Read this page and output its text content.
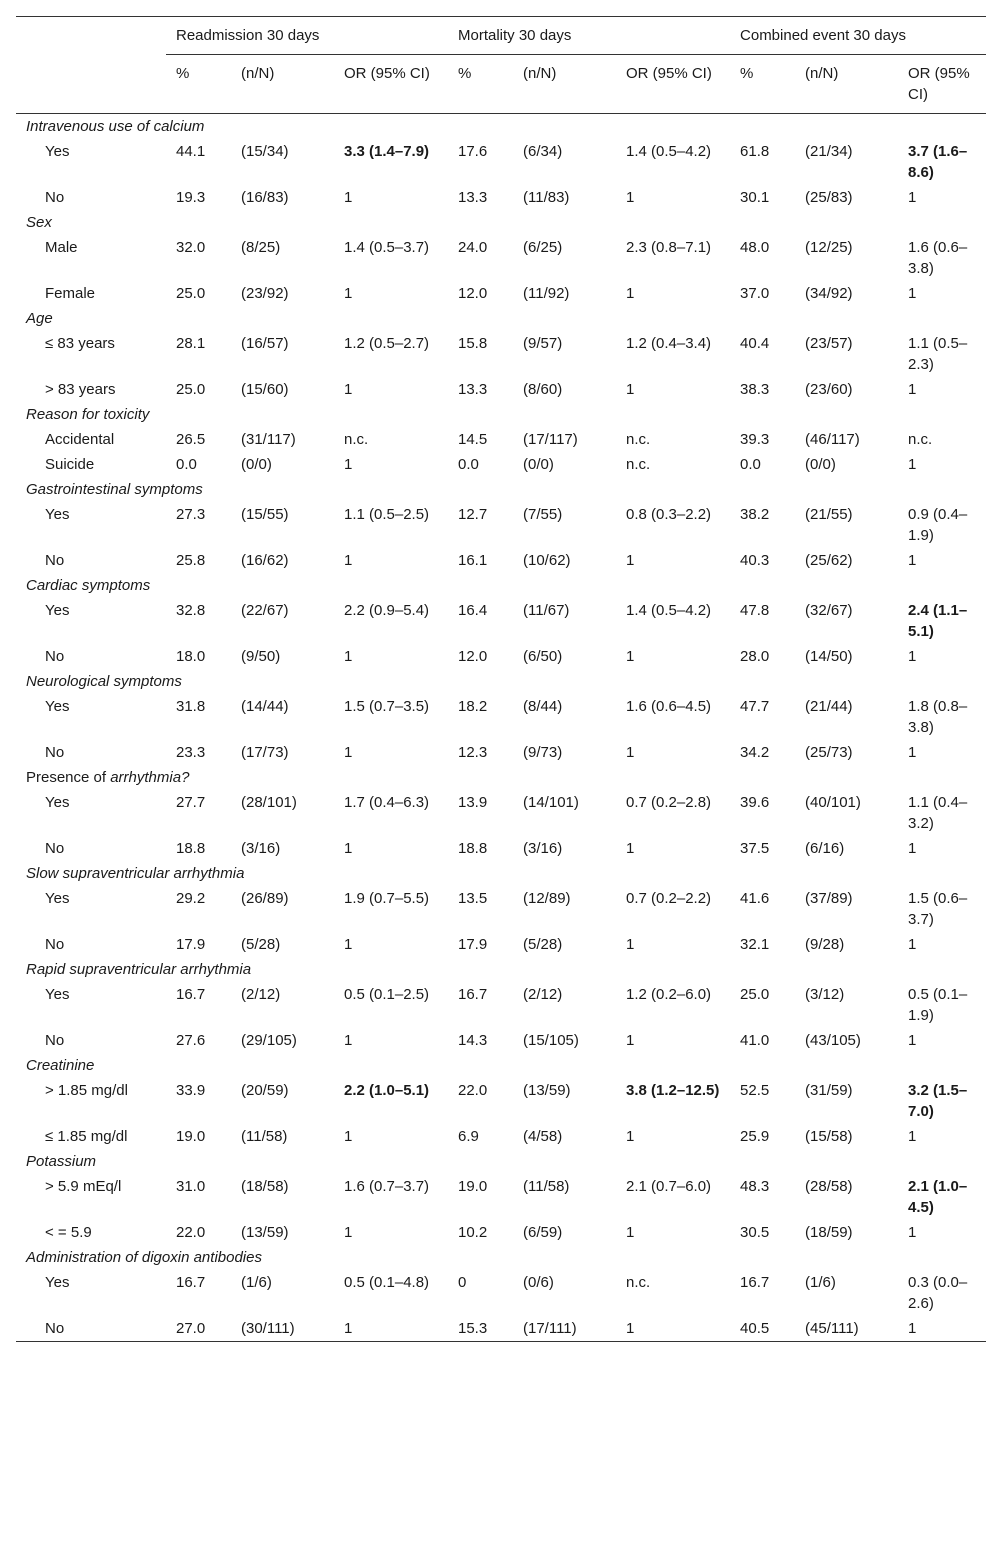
	Readmission 30 days			Mortality 30 days			Combined event 30 days		
	%	(n/N)	OR (95% CI)	%	(n/N)	OR (95% CI)	%	(n/N)	OR (95% CI)
Intravenous use of calcium									
Yes	44.1	(15/34)	3.3 (1.4–7.9)	17.6	(6/34)	1.4 (0.5–4.2)	61.8	(21/34)	3.7 (1.6–8.6)
No	19.3	(16/83)	1	13.3	(11/83)	1	30.1	(25/83)	1
Sex									
Male	32.0	(8/25)	1.4 (0.5–3.7)	24.0	(6/25)	2.3 (0.8–7.1)	48.0	(12/25)	1.6 (0.6–3.8)
Female	25.0	(23/92)	1	12.0	(11/92)	1	37.0	(34/92)	1
Age									
≤ 83 years	28.1	(16/57)	1.2 (0.5–2.7)	15.8	(9/57)	1.2 (0.4–3.4)	40.4	(23/57)	1.1 (0.5–2.3)
> 83 years	25.0	(15/60)	1	13.3	(8/60)	1	38.3	(23/60)	1
Reason for toxicity									
Accidental	26.5	(31/117)	n.c.	14.5	(17/117)	n.c.	39.3	(46/117)	n.c.
Suicide	0.0	(0/0)	1	0.0	(0/0)	n.c.	0.0	(0/0)	1
Gastrointestinal symptoms									
Yes	27.3	(15/55)	1.1 (0.5–2.5)	12.7	(7/55)	0.8 (0.3–2.2)	38.2	(21/55)	0.9 (0.4–1.9)
No	25.8	(16/62)	1	16.1	(10/62)	1	40.3	(25/62)	1
Cardiac symptoms									
Yes	32.8	(22/67)	2.2 (0.9–5.4)	16.4	(11/67)	1.4 (0.5–4.2)	47.8	(32/67)	2.4 (1.1–5.1)
No	18.0	(9/50)	1	12.0	(6/50)	1	28.0	(14/50)	1
Neurological symptoms									
Yes	31.8	(14/44)	1.5 (0.7–3.5)	18.2	(8/44)	1.6 (0.6–4.5)	47.7	(21/44)	1.8 (0.8–3.8)
No	23.3	(17/73)	1	12.3	(9/73)	1	34.2	(25/73)	1
Presence of arrhythmia?									
Yes	27.7	(28/101)	1.7 (0.4–6.3)	13.9	(14/101)	0.7 (0.2–2.8)	39.6	(40/101)	1.1 (0.4–3.2)
No	18.8	(3/16)	1	18.8	(3/16)	1	37.5	(6/16)	1
Slow supraventricular arrhythmia									
Yes	29.2	(26/89)	1.9 (0.7–5.5)	13.5	(12/89)	0.7 (0.2–2.2)	41.6	(37/89)	1.5 (0.6–3.7)
No	17.9	(5/28)	1	17.9	(5/28)	1	32.1	(9/28)	1
Rapid supraventricular arrhythmia									
Yes	16.7	(2/12)	0.5 (0.1–2.5)	16.7	(2/12)	1.2 (0.2–6.0)	25.0	(3/12)	0.5 (0.1–1.9)
No	27.6	(29/105)	1	14.3	(15/105)	1	41.0	(43/105)	1
Creatinine									
> 1.85 mg/dl	33.9	(20/59)	2.2 (1.0–5.1)	22.0	(13/59)	3.8 (1.2–12.5)	52.5	(31/59)	3.2 (1.5–7.0)
≤ 1.85 mg/dl	19.0	(11/58)	1	6.9	(4/58)	1	25.9	(15/58)	1
Potassium									
> 5.9 mEq/l	31.0	(18/58)	1.6 (0.7–3.7)	19.0	(11/58)	2.1 (0.7–6.0)	48.3	(28/58)	2.1 (1.0–4.5)
< = 5.9	22.0	(13/59)	1	10.2	(6/59)	1	30.5	(18/59)	1
Administration of digoxin antibodies									
Yes	16.7	(1/6)	0.5 (0.1–4.8)	0	(0/6)	n.c.	16.7	(1/6)	0.3 (0.0–2.6)
No	27.0	(30/111)	1	15.3	(17/111)	1	40.5	(45/111)	1
